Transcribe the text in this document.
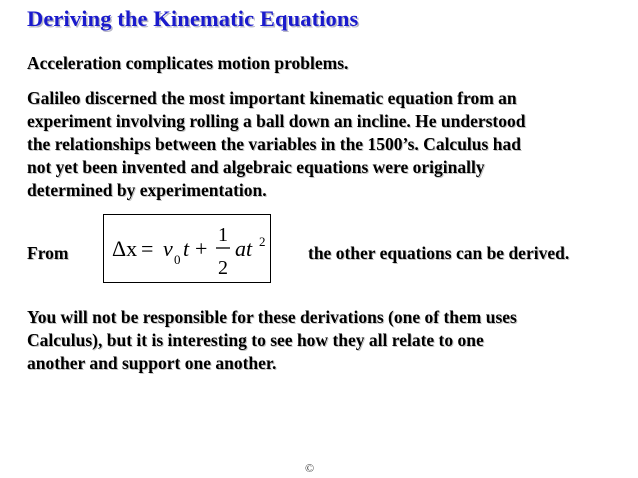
Deriving the Kinematic Equations

Acceleration complicates motion problems.

Galileo discerned the most important kinematic equation from an
experiment involving rolling a ball down an incline. He understood
the relationships between the variables in the 1500’s. Calculus had
not yet been invented and algebraic equations were originally
determined by experimentation.

From Δx = v 0 t +
1
2
at 2
the other equations can be derived.

You will not be responsible for these derivations (one of them uses
Calculus), but it is interesting to see how they all relate to one
another and support one another.

©
